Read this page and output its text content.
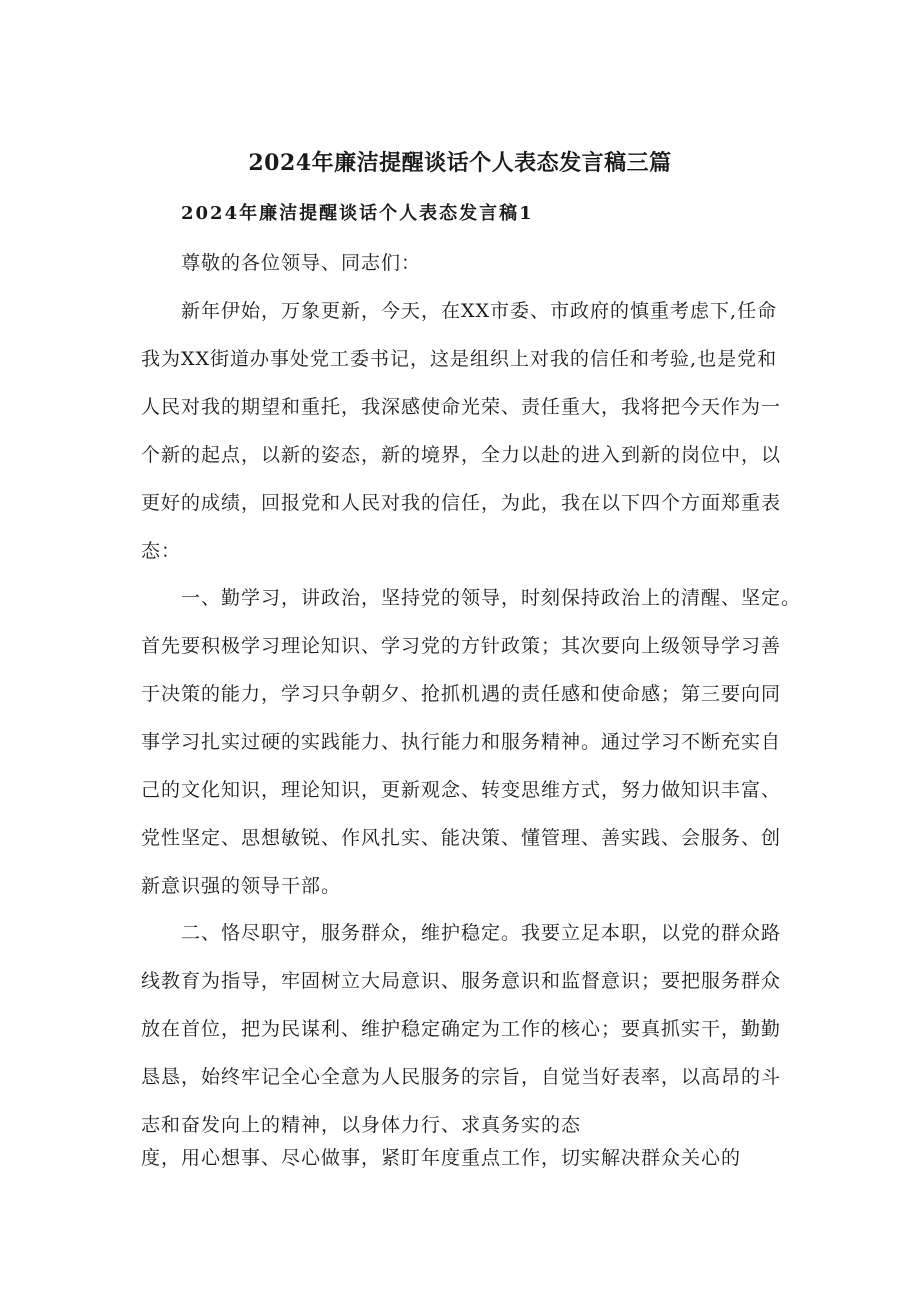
2024年廉洁提醒谈话个人表态发言稿三篇
2024年廉洁提醒谈话个人表态发言稿1
尊敬的各位领导、同志们：
新年伊始，万象更新，今天，在XX市委、市政府的慎重考虑下,任命
我为XX街道办事处党工委书记，这是组织上对我的信任和考验,也是党和
人民对我的期望和重托，我深感使命光荣、责任重大，我将把今天作为一
个新的起点，以新的姿态，新的境界，全力以赴的进入到新的岗位中，以
更好的成绩，回报党和人民对我的信任，为此，我在以下四个方面郑重表
态：
一、勤学习，讲政治，坚持党的领导，时刻保持政治上的清醒、坚定。
首先要积极学习理论知识、学习党的方针政策；其次要向上级领导学习善
于决策的能力，学习只争朝夕、抢抓机遇的责任感和使命感；第三要向同
事学习扎实过硬的实践能力、执行能力和服务精神。通过学习不断充实自
己的文化知识，理论知识，更新观念、转变思维方式，努力做知识丰富、
党性坚定、思想敏锐、作风扎实、能决策、懂管理、善实践、会服务、创
新意识强的领导干部。
二、恪尽职守，服务群众，维护稳定。我要立足本职，以党的群众路
线教育为指导，牢固树立大局意识、服务意识和监督意识；要把服务群众
放在首位，把为民谋利、维护稳定确定为工作的核心；要真抓实干，勤勤
恳恳，始终牢记全心全意为人民服务的宗旨，自觉当好表率，以高昂的斗
志和奋发向上的精神，以身体力行、求真务实的态
度，用心想事、尽心做事，紧盯年度重点工作，切实解决群众关心的
